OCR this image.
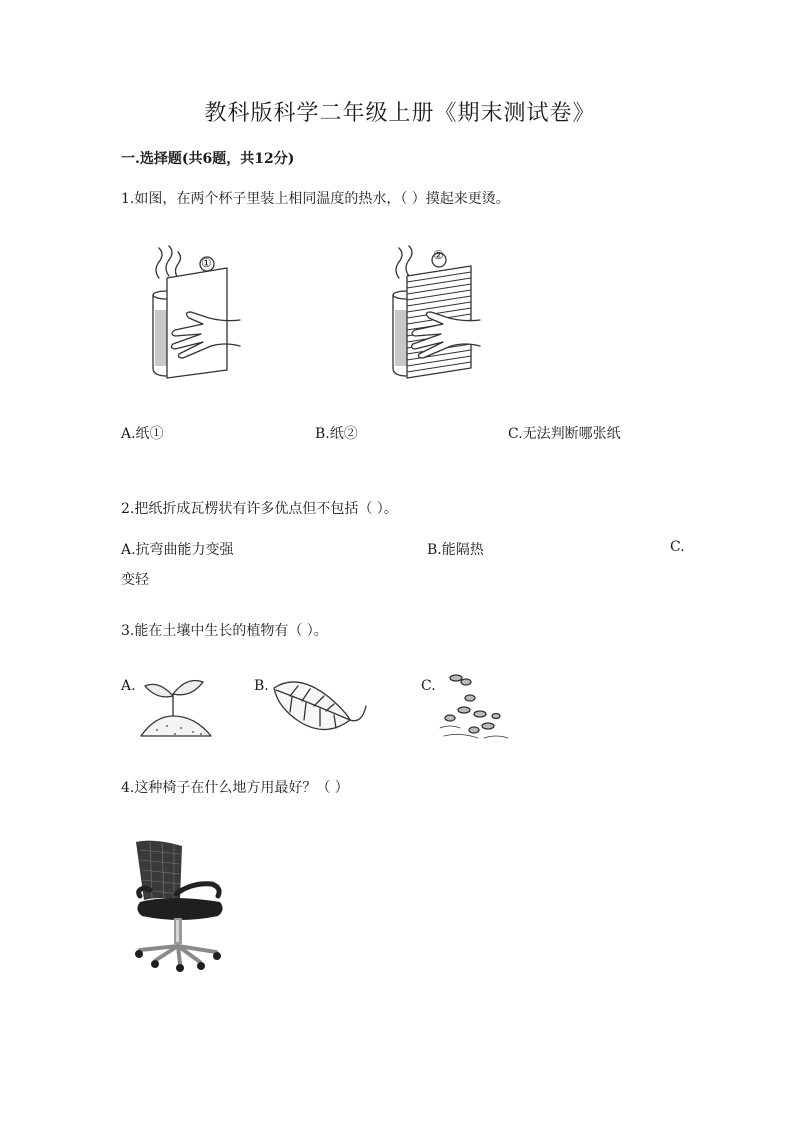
教科版科学二年级上册《期末测试卷》
一.选择题(共6题，共12分)
1.如图，在两个杯子里装上相同温度的热水，（ ）摸起来更烫。
①
②
A.纸①	B.纸②	C.无法判断哪张纸
2.把纸折成瓦楞状有许多优点但不包括（ ）。
A.抗弯曲能力变强	B.能隔热	C.
变轻
3.能在土壤中生长的植物有（ ）。
A.	B.	C.
4.这种椅子在什么地方用最好？（ ）
